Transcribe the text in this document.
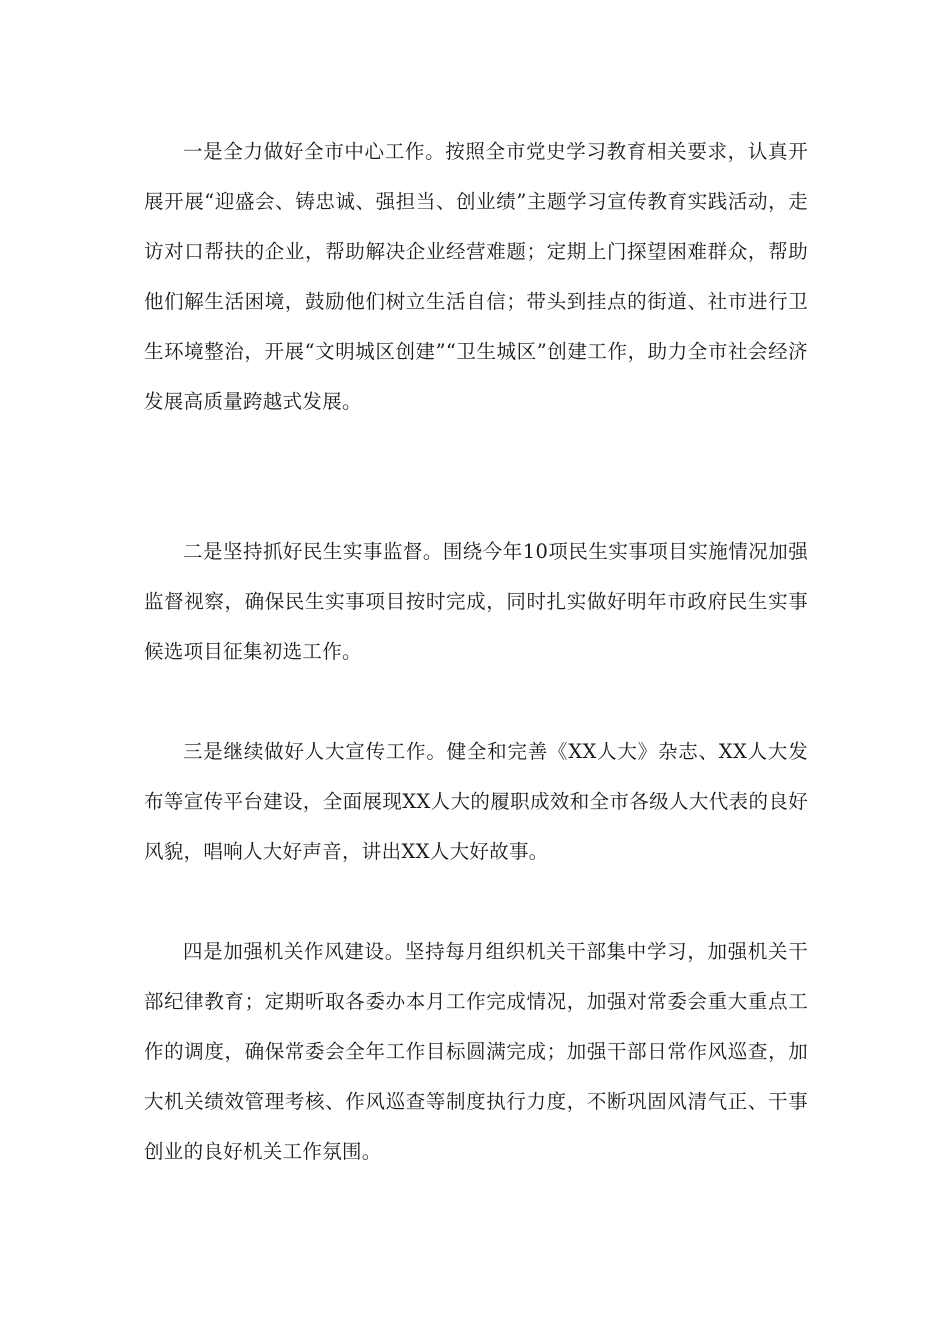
一是全力做好全市中心工作。按照全市党史学习教育相关要求，认真开展开展“迎盛会、铸忠诚、强担当、创业绩”主题学习宣传教育实践活动，走访对口帮扶的企业，帮助解决企业经营难题；定期上门探望困难群众，帮助他们解生活困境，鼓励他们树立生活自信；带头到挂点的街道、社市进行卫生环境整治，开展“文明城区创建”“卫生城区”创建工作，助力全市社会经济发展高质量跨越式发展。

二是坚持抓好民生实事监督。围绕今年10项民生实事项目实施情况加强监督视察，确保民生实事项目按时完成，同时扎实做好明年市政府民生实事候选项目征集初选工作。

三是继续做好人大宣传工作。健全和完善《XX人大》杂志、XX人大发布等宣传平台建设，全面展现XX人大的履职成效和全市各级人大代表的良好风貌，唱响人大好声音，讲出XX人大好故事。

四是加强机关作风建设。坚持每月组织机关干部集中学习，加强机关干部纪律教育；定期听取各委办本月工作完成情况，加强对常委会重大重点工作的调度，确保常委会全年工作目标圆满完成；加强干部日常作风巡查，加大机关绩效管理考核、作风巡查等制度执行力度，不断巩固风清气正、干事创业的良好机关工作氛围。
